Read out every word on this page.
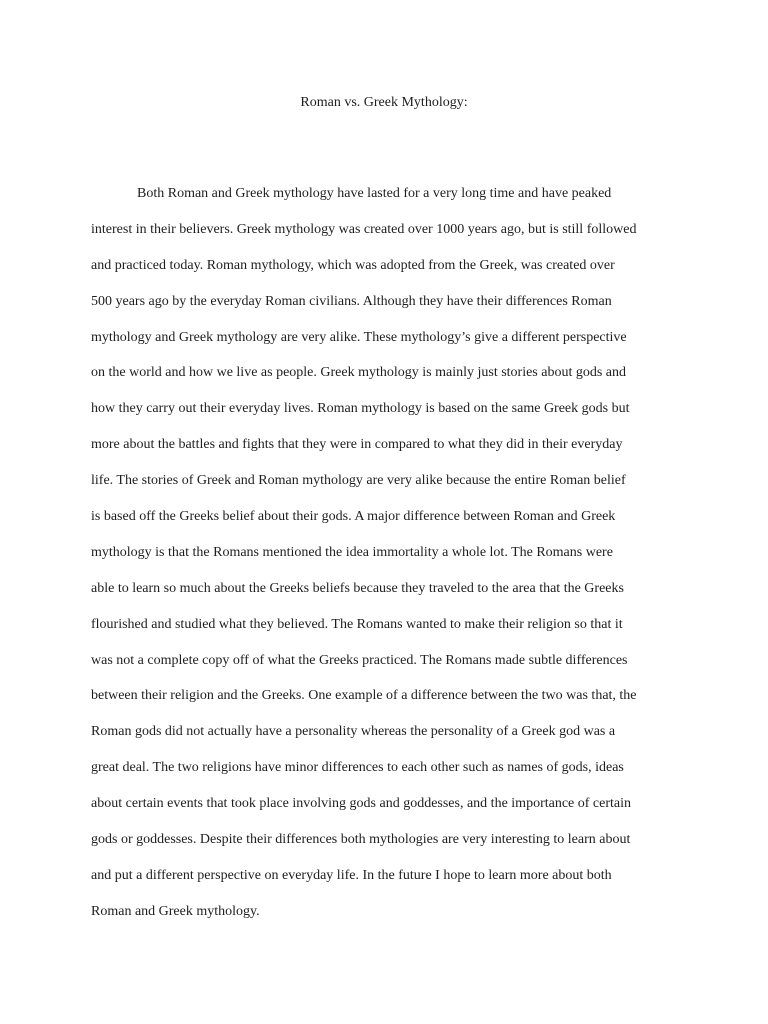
Roman vs. Greek Mythology:
Both Roman and Greek mythology have lasted for a very long time and have peaked
interest in their believers. Greek mythology was created over 1000 years ago, but is still followed
and practiced today. Roman mythology, which was adopted from the Greek, was created over
500 years ago by the everyday Roman civilians. Although they have their differences Roman
mythology and Greek mythology are very alike. These mythology’s give a different perspective
on the world and how we live as people. Greek mythology is mainly just stories about gods and
how they carry out their everyday lives. Roman mythology is based on the same Greek gods but
more about the battles and fights that they were in compared to what they did in their everyday
life. The stories of Greek and Roman mythology are very alike because the entire Roman belief
is based off the Greeks belief about their gods. A major difference between Roman and Greek
mythology is that the Romans mentioned the idea immortality a whole lot. The Romans were
able to learn so much about the Greeks beliefs because they traveled to the area that the Greeks
flourished and studied what they believed. The Romans wanted to make their religion so that it
was not a complete copy off of what the Greeks practiced. The Romans made subtle differences
between their religion and the Greeks. One example of a difference between the two was that, the
Roman gods did not actually have a personality whereas the personality of a Greek god was a
great deal. The two religions have minor differences to each other such as names of gods, ideas
about certain events that took place involving gods and goddesses, and the importance of certain
gods or goddesses. Despite their differences both mythologies are very interesting to learn about
and put a different perspective on everyday life. In the future I hope to learn more about both
Roman and Greek mythology.
